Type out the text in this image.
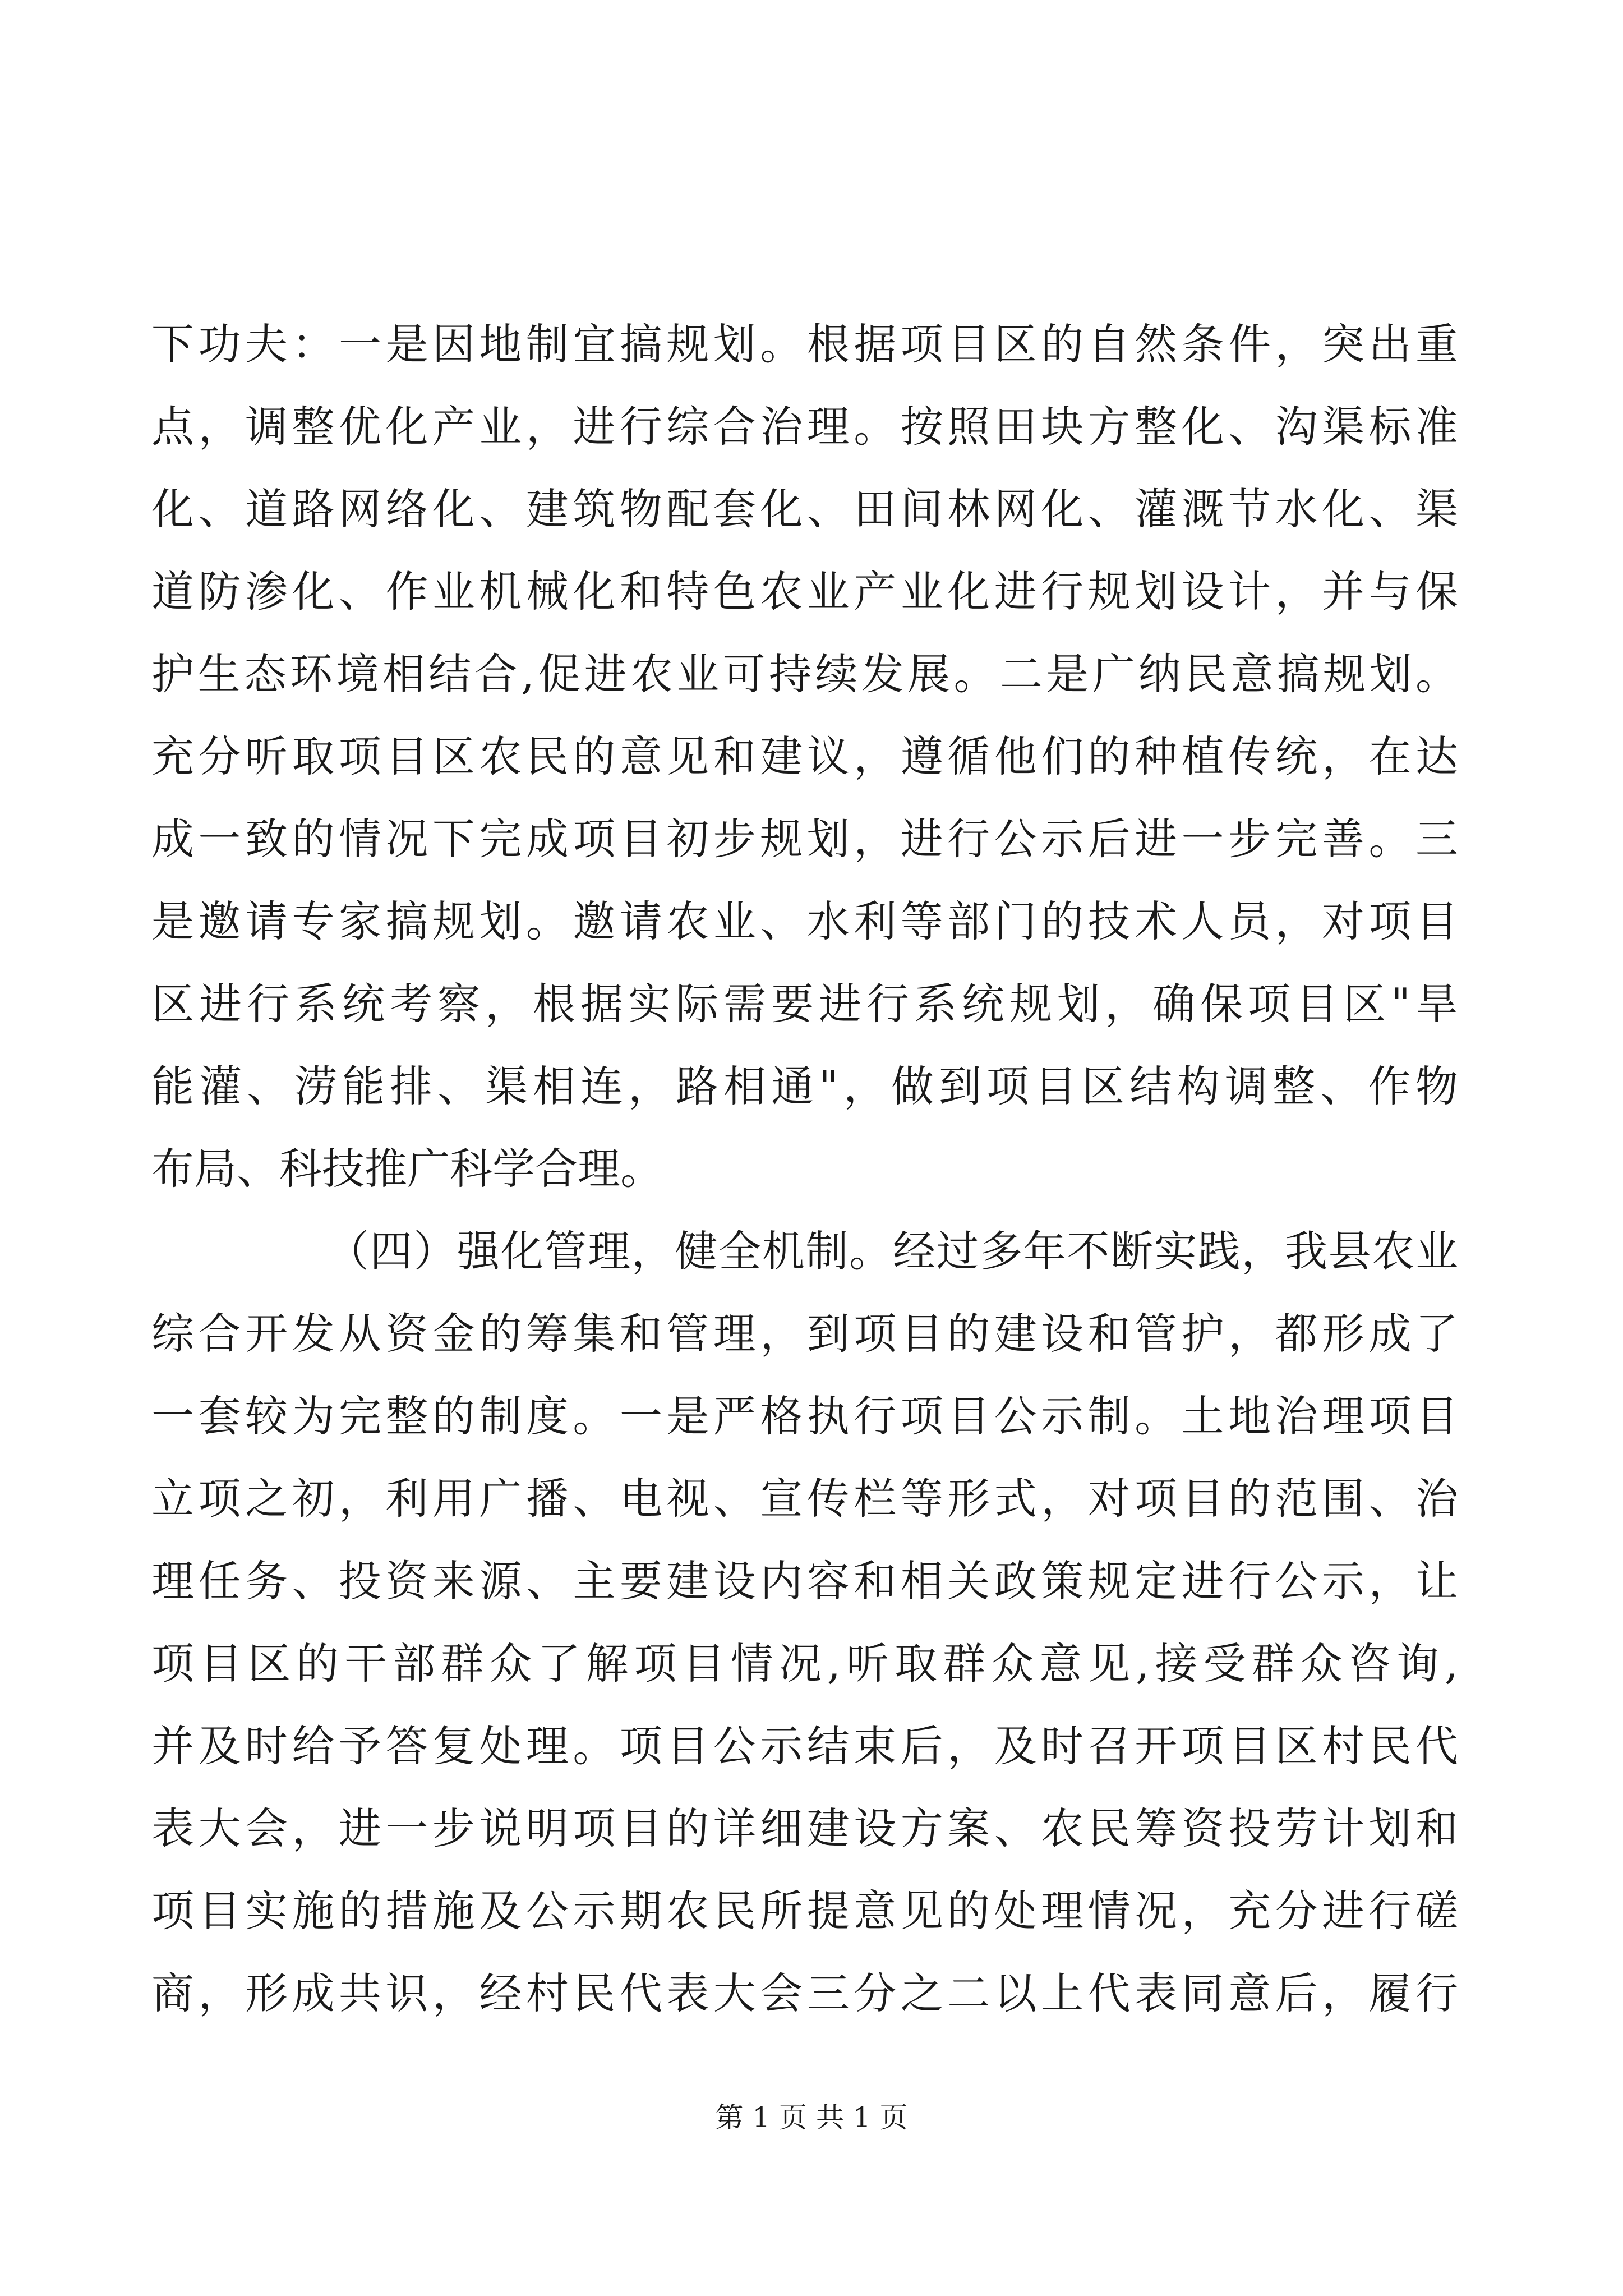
下功夫：一是因地制宜搞规划。根据项目区的自然条件，突出重
点，调整优化产业，进行综合治理。按照田块方整化、沟渠标准
化、道路网络化、建筑物配套化、田间林网化、灌溉节水化、渠
道防渗化、作业机械化和特色农业产业化进行规划设计，并与保
护生态环境相结合,促进农业可持续发展。二是广纳民意搞规划。
充分听取项目区农民的意见和建议，遵循他们的种植传统，在达
成一致的情况下完成项目初步规划，进行公示后进一步完善。三
是邀请专家搞规划。邀请农业、水利等部门的技术人员，对项目
区进行系统考察，根据实际需要进行系统规划，确保项目区"旱
能灌、涝能排、渠相连，路相通"，做到项目区结构调整、作物
布局、科技推广科学合理。
（四）强化管理，健全机制。经过多年不断实践，我县农业
综合开发从资金的筹集和管理，到项目的建设和管护，都形成了
一套较为完整的制度。一是严格执行项目公示制。土地治理项目
立项之初，利用广播、电视、宣传栏等形式，对项目的范围、治
理任务、投资来源、主要建设内容和相关政策规定进行公示，让
项目区的干部群众了解项目情况,听取群众意见,接受群众咨询,
并及时给予答复处理。项目公示结束后，及时召开项目区村民代
表大会，进一步说明项目的详细建设方案、农民筹资投劳计划和
项目实施的措施及公示期农民所提意见的处理情况，充分进行磋
商，形成共识，经村民代表大会三分之二以上代表同意后，履行
第 1 页 共 1 页
